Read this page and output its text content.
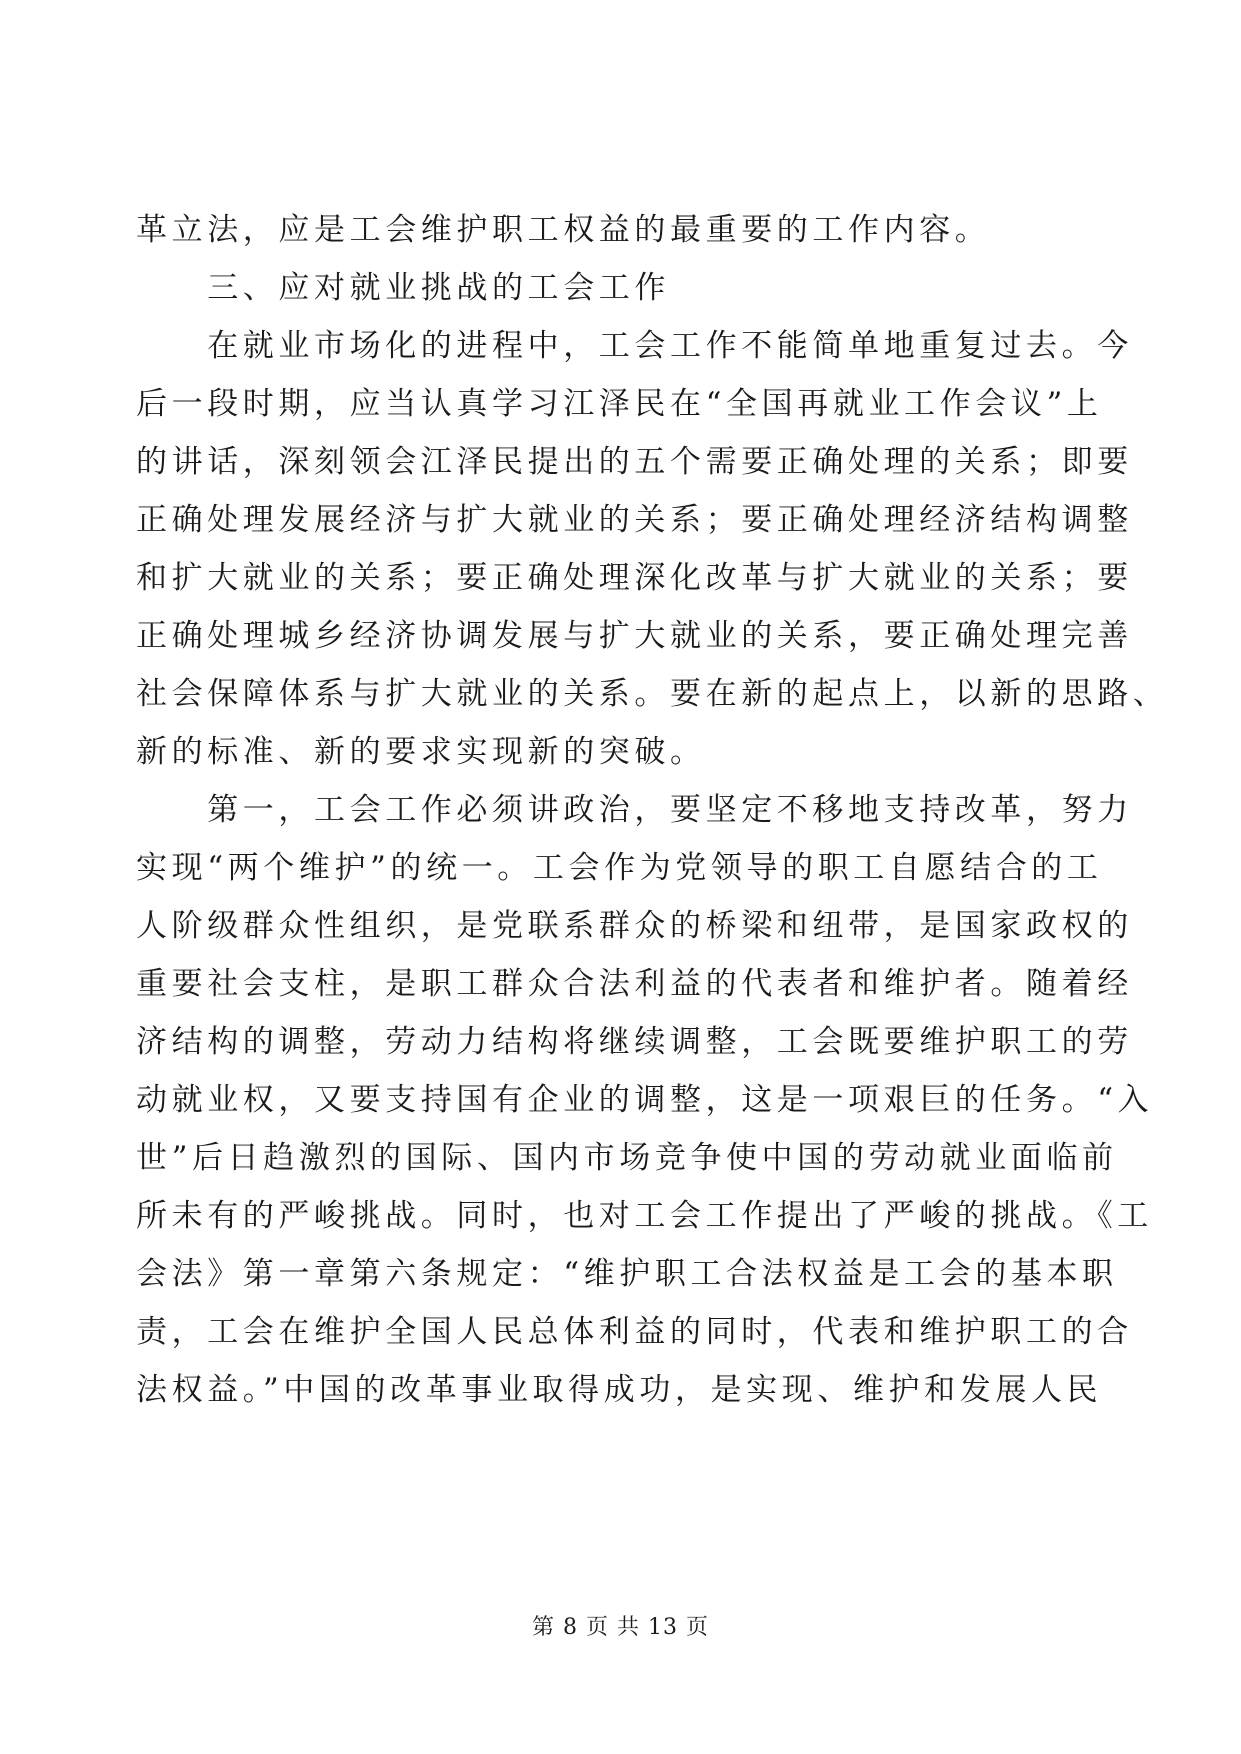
革立法，应是工会维护职工权益的最重要的工作内容。
　　三、应对就业挑战的工会工作
　　在就业市场化的进程中，工会工作不能简单地重复过去。今
后一段时期，应当认真学习江泽民在“全国再就业工作会议”上
的讲话，深刻领会江泽民提出的五个需要正确处理的关系；即要
正确处理发展经济与扩大就业的关系；要正确处理经济结构调整
和扩大就业的关系；要正确处理深化改革与扩大就业的关系；要
正确处理城乡经济协调发展与扩大就业的关系，要正确处理完善
社会保障体系与扩大就业的关系。要在新的起点上，以新的思路、
新的标准、新的要求实现新的突破。
　　第一，工会工作必须讲政治，要坚定不移地支持改革，努力
实现“两个维护”的统一。工会作为党领导的职工自愿结合的工
人阶级群众性组织，是党联系群众的桥梁和纽带，是国家政权的
重要社会支柱，是职工群众合法利益的代表者和维护者。随着经
济结构的调整，劳动力结构将继续调整，工会既要维护职工的劳
动就业权，又要支持国有企业的调整，这是一项艰巨的任务。“入
世”后日趋激烈的国际、国内市场竞争使中国的劳动就业面临前
所未有的严峻挑战。同时，也对工会工作提出了严峻的挑战。《工
会法》第一章第六条规定：“维护职工合法权益是工会的基本职
责，工会在维护全国人民总体利益的同时，代表和维护职工的合
法权益。”中国的改革事业取得成功，是实现、维护和发展人民
第 8 页 共 13 页
